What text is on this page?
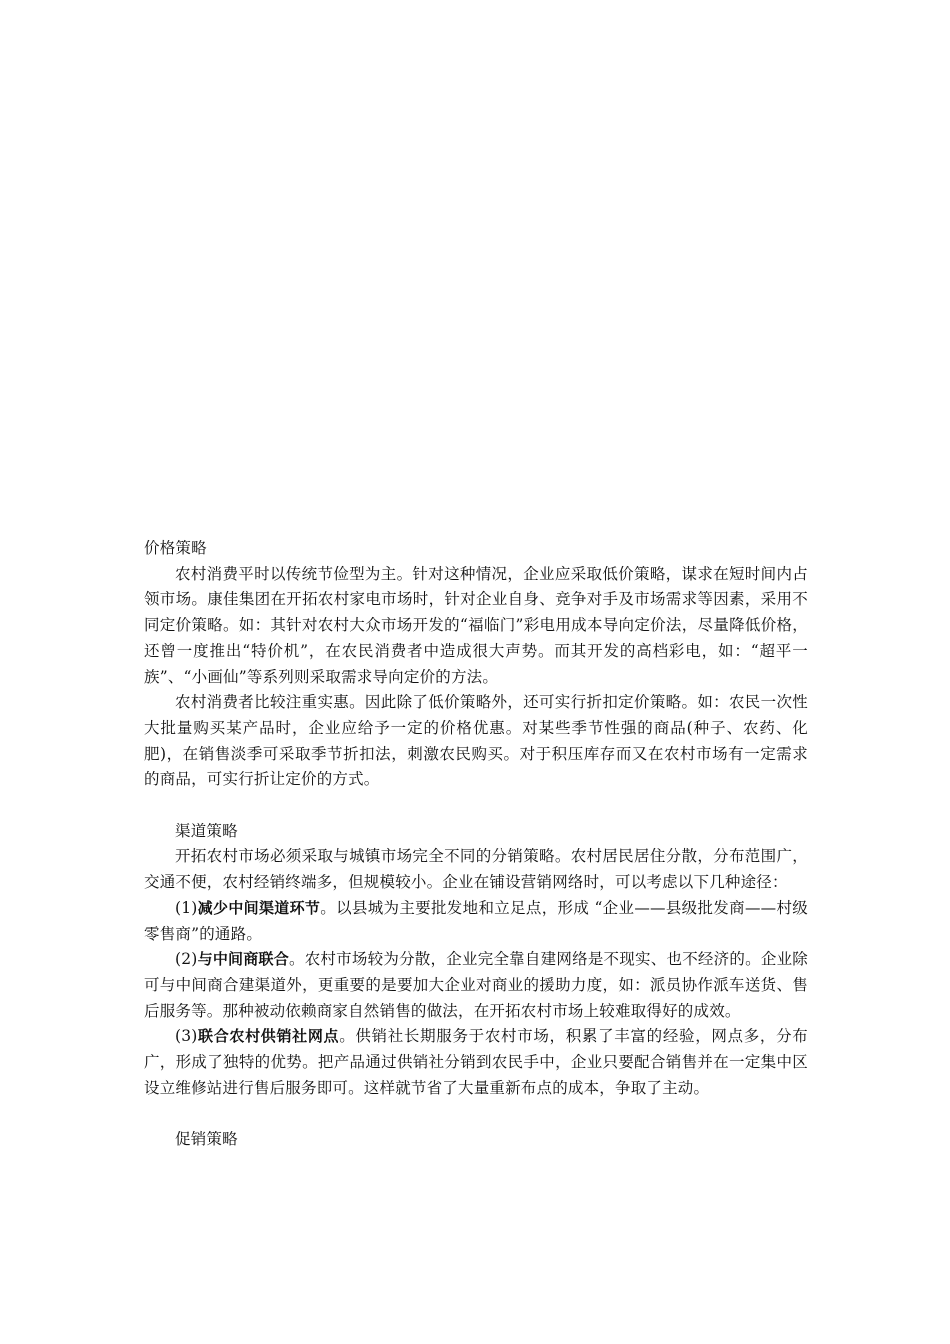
价格策略

农村消费平时以传统节俭型为主。针对这种情况，企业应采取低价策略，谋求在短时间内占领市场。康佳集团在开拓农村家电市场时，针对企业自身、竞争对手及市场需求等因素，采用不同定价策略。如：其针对农村大众市场开发的“福临门”彩电用成本导向定价法，尽量降低价格，还曾一度推出“特价机”，在农民消费者中造成很大声势。而其开发的高档彩电，如：“超平一族”、“小画仙”等系列则采取需求导向定价的方法。

农村消费者比较注重实惠。因此除了低价策略外，还可实行折扣定价策略。如：农民一次性大批量购买某产品时，企业应给予一定的价格优惠。对某些季节性强的商品(种子、农药、化肥)，在销售淡季可采取季节折扣法，刺激农民购买。对于积压库存而又在农村市场有一定需求的商品，可实行折让定价的方式。

渠道策略

开拓农村市场必须采取与城镇市场完全不同的分销策略。农村居民居住分散，分布范围广，交通不便，农村经销终端多，但规模较小。企业在铺设营销网络时，可以考虑以下几种途径：

(1)减少中间渠道环节。以县城为主要批发地和立足点，形成 “企业——县级批发商——村级零售商”的通路。

(2)与中间商联合。农村市场较为分散，企业完全靠自建网络是不现实、也不经济的。企业除可与中间商合建渠道外，更重要的是要加大企业对商业的援助力度，如：派员协作派车送货、售后服务等。那种被动依赖商家自然销售的做法，在开拓农村市场上较难取得好的成效。

(3)联合农村供销社网点。供销社长期服务于农村市场，积累了丰富的经验，网点多，分布广，形成了独特的优势。把产品通过供销社分销到农民手中，企业只要配合销售并在一定集中区设立维修站进行售后服务即可。这样就节省了大量重新布点的成本，争取了主动。

促销策略
